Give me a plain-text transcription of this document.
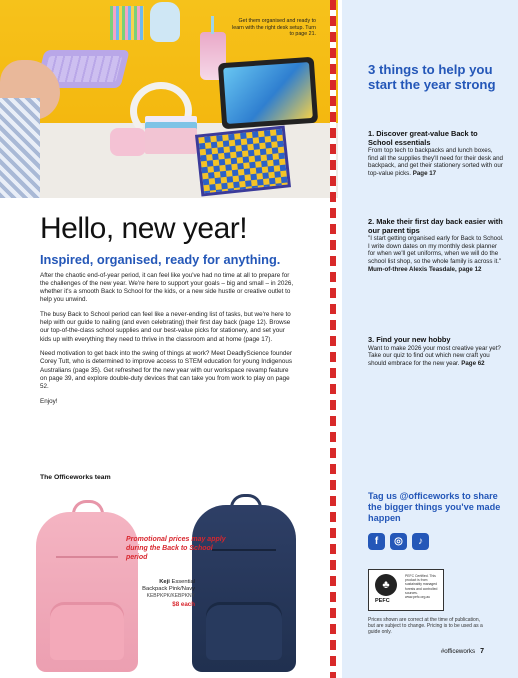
Get them organised and ready to learn with the right desk setup. Turn to page 21.
Hello, new year!
Inspired, organised, ready for anything.

After the chaotic end-of-year period, it can feel like you've had no time at all to prepare for the challenges of the new year. We're here to support your goals – big and small – in 2026, whether it's a smooth Back to School for the kids, or a new side hustle or creative outlet to help you unwind.

The busy Back to School period can feel like a never-ending list of tasks, but we're here to help with our guide to nailing (and even celebrating) their first day back (page 12). Browse our top-of-the-class school supplies and our best-value picks for stationery, and set your kids up with everything they need to thrive in the classroom and at home (page 17).

Need motivation to get back into the swing of things at work? Meet DeadlyScience founder Corey Tutt, who is determined to improve access to STEM education for young Indigenous Australians (page 35). Get refreshed for the new year with our workspace revamp feature on page 39, and explore double-duty devices that can take you from work to play on page 52.

Enjoy!

The Officeworks team
Promotional prices may apply during the Back to School period
Keji Essential Backpack Pink/Navy
KEBPKPK/KEBPKNY
$8 each
3 things to help you start the year strong
1. Discover great-value Back to School essentials
From top tech to backpacks and lunch boxes, find all the supplies they'll need for their desk and backpack, and get their stationery sorted with our top-value picks. Page 17
2. Make their first day back easier with our parent tips
"I start getting organised early for Back to School. I write down dates on my monthly desk planner for when we'll get uniforms, when we will do the school list shop, so the whole family is across it."
Mum-of-three Alexis Teasdale, page 12
3. Find your new hobby
Want to make 2026 your most creative year yet? Take our quiz to find out which new craft you should embrace for the new year. Page 62
Tag us @officeworks to share the bigger things you've made happen
f	◎	♪
♣
PEFC
PEFC Certified. This product is from sustainably managed forests and controlled sources. www.pefc.org.au
Prices shown are correct at the time of publication, but are subject to change. Pricing is to be used as a guide only.
#officeworks 7
